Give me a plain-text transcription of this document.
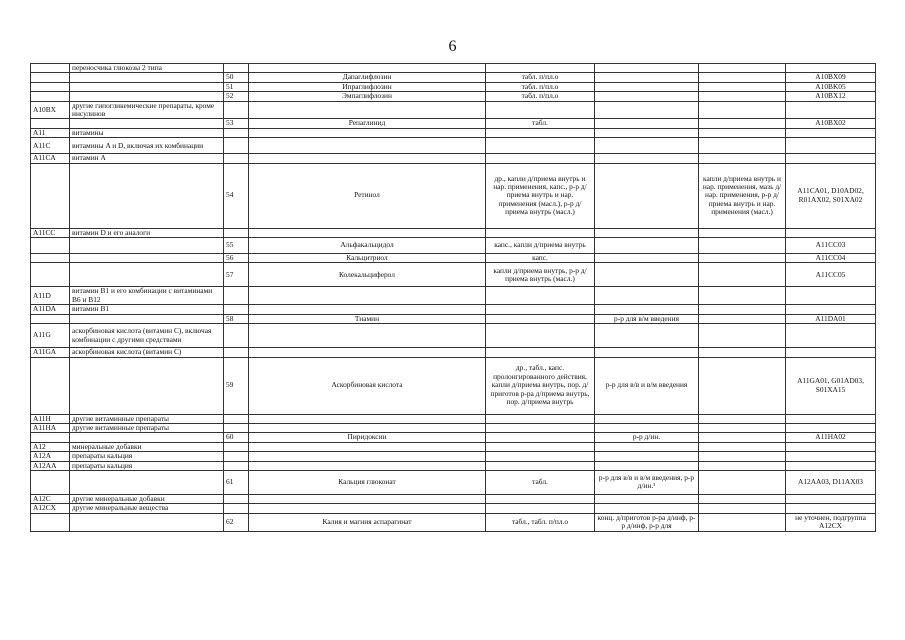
6
	переносчика глюкозы 2 типа						
		50	Дапаглифлозин	табл. п/пл.о			A10BX09
		51	Ипраглифлозин	табл. п/пл.о			A10BK05
		52	Эмпаглифлозин	табл. п/пл.о			A10BX12
A10BX	другие гипогликемические препараты, кроме инсулинов						
		53	Репаглинид	табл.			A10BX02
A11	витамины						
A11C	витамины A и D, включая их комбинации						
A11CA	витамин A						
		54	Ретинол	др., капли д/приема внутрь и нар. применения, капс., р-р д/приема внутрь и нар. применения (масл.), р-р д/приема внутрь (масл.)		капли д/приема внутрь и нар. применения, мазь д/нар. применения, р-р д/приема внутрь и нар. применения (масл.)	A11CA01, D10AD02, R01AX02, S01XA02
A11CC	витамин D и его аналоги						
		55	Альфакальцидол	капс., капли д/приема внутрь			A11CC03
		56	Кальцитриол	капс.			A11CC04
		57	Колекальциферол	капли д/приема внутрь, р-р д/приема внутрь (масл.)			A11CC05
A11D	витамин B1 и его комбинации с витаминами B6 и B12						
A11DA	витамин B1						
		58	Тиамин		р-р для в/м введения		A11DA01
A11G	аскорбиновая кислота (витамин C), включая комбинации с другими средствами						
A11GA	аскорбиновая кислота (витамин C)						
		59	Аскорбиновая кислота	др., табл., капс. пролонгированного действия, капли д/приема внутрь, пор. д/приготов р-ра д/приема внутрь, пор. д/приема внутрь	р-р для в/в и в/м введения		A11GA01, G01AD03, S01XA15
A11H	другие витаминные препараты						
A11HA	другие витаминные препараты						
		60	Пиридоксин		р-р д/ин.		A11HA02
A12	минеральные добавки						
A12A	препараты кальция						
A12AA	препараты кальция						
		61	Кальция глюконат	табл.	р-р для в/в и в/м введения, р-р д/ин.¹		A12AA03, D11AX03
A12C	другие минеральные добавки						
A12CX	другие минеральные вещества						
		62	Калия и магния аспарагинат	табл., табл. п/пл.о	конц. д/приготов р-ра д/инф, р-р д/инф, р-р для		не уточнен, подгруппа A12CX
